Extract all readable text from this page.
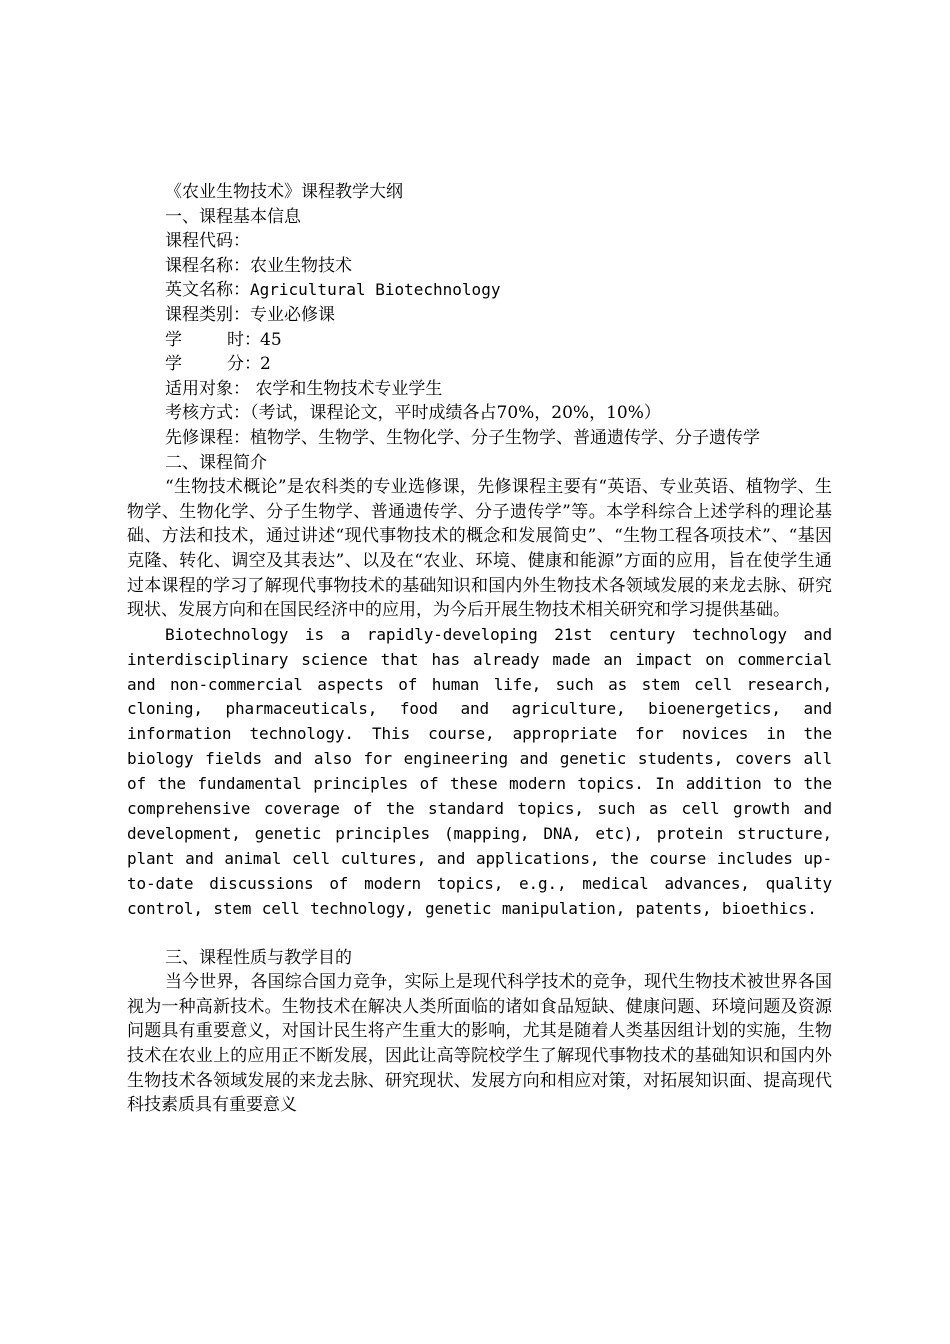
《农业生物技术》课程教学大纲

一、课程基本信息

课程代码：

课程名称：农业生物技术

英文名称：Agricultural Biotechnology

课程类别：专业必修课

学	时：45

学	分：2

适用对象： 农学和生物技术专业学生

考核方式：（考试，课程论文，平时成绩各占70%，20%，10%）

先修课程：植物学、生物学、生物化学、分子生物学、普通遗传学、分子遗传学

二、课程简介

“生物技术概论”是农科类的专业选修课，先修课程主要有“英语、专业英语、植物学、生物学、生物化学、分子生物学、普通遗传学、分子遗传学”等。本学科综合上述学科的理论基础、方法和技术，通过讲述“现代事物技术的概念和发展简史”、“生物工程各项技术”、“基因克隆、转化、调空及其表达”、以及在“农业、环境、健康和能源”方面的应用，旨在使学生通过本课程的学习了解现代事物技术的基础知识和国内外生物技术各领域发展的来龙去脉、研究现状、发展方向和在国民经济中的应用，为今后开展生物技术相关研究和学习提供基础。

Biotechnology is a rapidly-developing 21st century technology and interdisciplinary science that has already made an impact on commercial and non-commercial aspects of human life, such as stem cell research, cloning, pharmaceuticals, food and agriculture, bioenergetics, and information technology. This course, appropriate for novices in the biology fields and also for engineering and genetic students, covers all of the fundamental principles of these modern topics. In addition to the comprehensive coverage of the standard topics, such as cell growth and development, genetic principles (mapping, DNA, etc), protein structure, plant and animal cell cultures, and applications, the course includes up-to-date discussions of modern topics, e.g., medical advances, quality control, stem cell technology, genetic manipulation, patents, bioethics.

三、课程性质与教学目的

当今世界，各国综合国力竞争，实际上是现代科学技术的竞争，现代生物技术被世界各国视为一种高新技术。生物技术在解决人类所面临的诸如食品短缺、健康问题、环境问题及资源问题具有重要意义，对国计民生将产生重大的影响，尤其是随着人类基因组计划的实施，生物技术在农业上的应用正不断发展，因此让高等院校学生了解现代事物技术的基础知识和国内外生物技术各领域发展的来龙去脉、研究现状、发展方向和相应对策，对拓展知识面、提高现代科技素质具有重要意义
